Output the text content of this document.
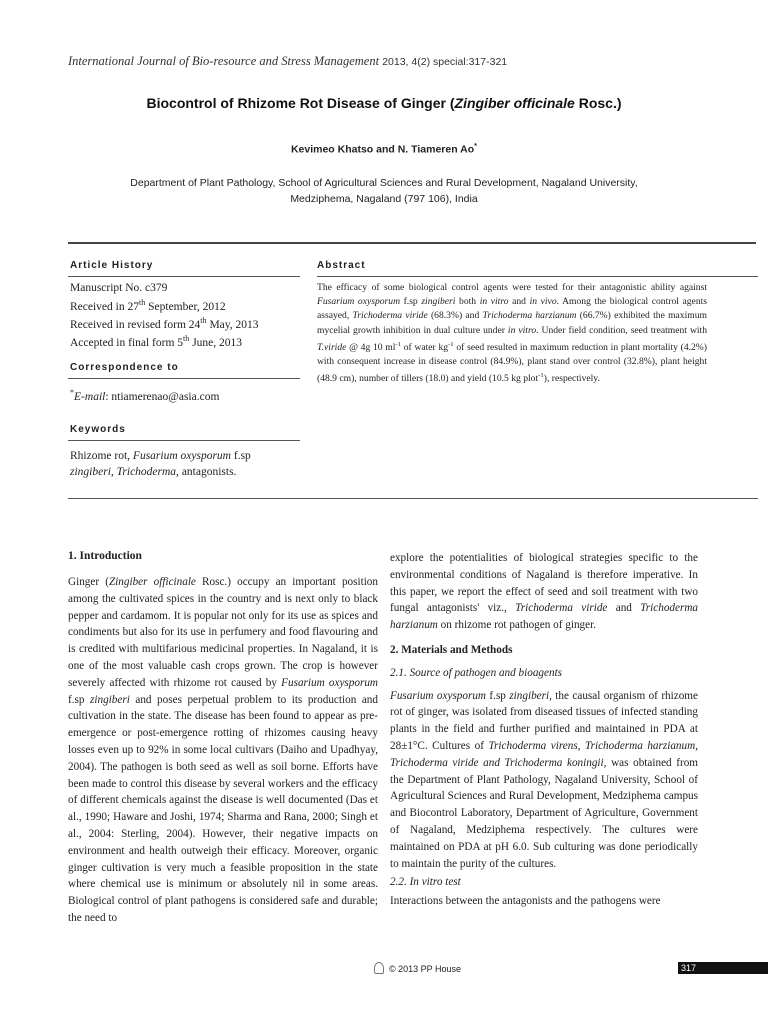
International Journal of Bio-resource and Stress Management 2013, 4(2) special:317-321
Biocontrol of Rhizome Rot Disease of Ginger (Zingiber officinale Rosc.)
Kevimeo Khatso and N. Tiameren Ao*
Department of Plant Pathology, School of Agricultural Sciences and Rural Development, Nagaland University,
Medziphema, Nagaland (797 106), India
Article History
Manuscript No. c379
Received in 27th September, 2012
Received in revised form 24th May, 2013
Accepted in final form 5th June, 2013
Correspondence to
*E-mail: ntiamerenao@asia.com
Keywords
Rhizome rot, Fusarium oxysporum f.sp zingiberi, Trichoderma, antagonists.
Abstract
The efficacy of some biological control agents were tested for their antagonistic ability against Fusarium oxysporum f.sp zingiberi both in vitro and in vivo. Among the biological control agents assayed, Trichoderma viride (68.3%) and Trichoderma harzianum (66.7%) exhibited the maximum mycelial growth inhibition in dual culture under in vitro. Under field condition, seed treatment with T.viride @ 4g 10 $ml^{-1}$ of water $kg^{-1}$ of seed resulted in maximum reduction in plant mortality (4.2%) with consequent increase in disease control (84.9%), plant stand over control (32.8%), plant height (48.9 cm), number of tillers (18.0) and yield (10.5 kg plot$^{-1}$), respectively.
1. Introduction

Ginger (Zingiber officinale Rosc.) occupy an important position among the cultivated spices in the country and is next only to black pepper and cardamom. It is popular not only for its use as spices and condiments but also for its use in perfumery and food flavouring and is credited with multifarious medicinal properties. In Nagaland, it is one of the most valuable cash crops grown. The crop is however severely affected with rhizome rot caused by Fusarium oxysporum f.sp zingiberi and poses perpetual problem to its production and cultivation in the state. The disease has been found to appear as pre-emergence or post-emergence rotting of rhizomes causing heavy losses even up to 92% in some local cultivars (Daiho and Upadhyay, 2004). The pathogen is both seed as well as soil borne. Efforts have been made to control this disease by several workers and the efficacy of different chemicals against the disease is well documented (Das et al., 1990; Haware and Joshi, 1974; Sharma and Rana, 2000; Singh et al., 2004: Sterling, 2004). However, their negative impacts on environment and health outweigh their efficacy. Moreover, organic ginger cultivation is very much a feasible proposition in the state where chemical use is minimum or absolutely nil in some areas. Biological control of plant pathogens is considered safe and durable; the need to

explore the potentialities of biological strategies specific to the environmental conditions of Nagaland is therefore imperative. In this paper, we report the effect of seed and soil treatment with two fungal antagonists' viz., Trichoderma viride and Trichoderma harzianum on rhizome rot pathogen of ginger.

2. Materials and Methods

2.1. Source of pathogen and bioagents

Fusarium oxysporum f.sp zingiberi, the causal organism of rhizome rot of ginger, was isolated from diseased tissues of infected standing plants in the field and further purified and maintained in PDA at 28±1°C. Cultures of Trichoderma virens, Trichoderma harzianum, Trichoderma viride and Trichoderma koningii, was obtained from the Department of Plant Pathology, Nagaland University, School of Agricultural Sciences and Rural Development, Medziphema campus and Biocontrol Laboratory, Department of Agriculture, Government of Nagaland, Medziphema respectively. The cultures were maintained on PDA at pH 6.0. Sub culturing was done periodically to maintain the purity of the cultures.

2.2. In vitro test

Interactions between the antagonists and the pathogens were

© 2013 PP House	317
